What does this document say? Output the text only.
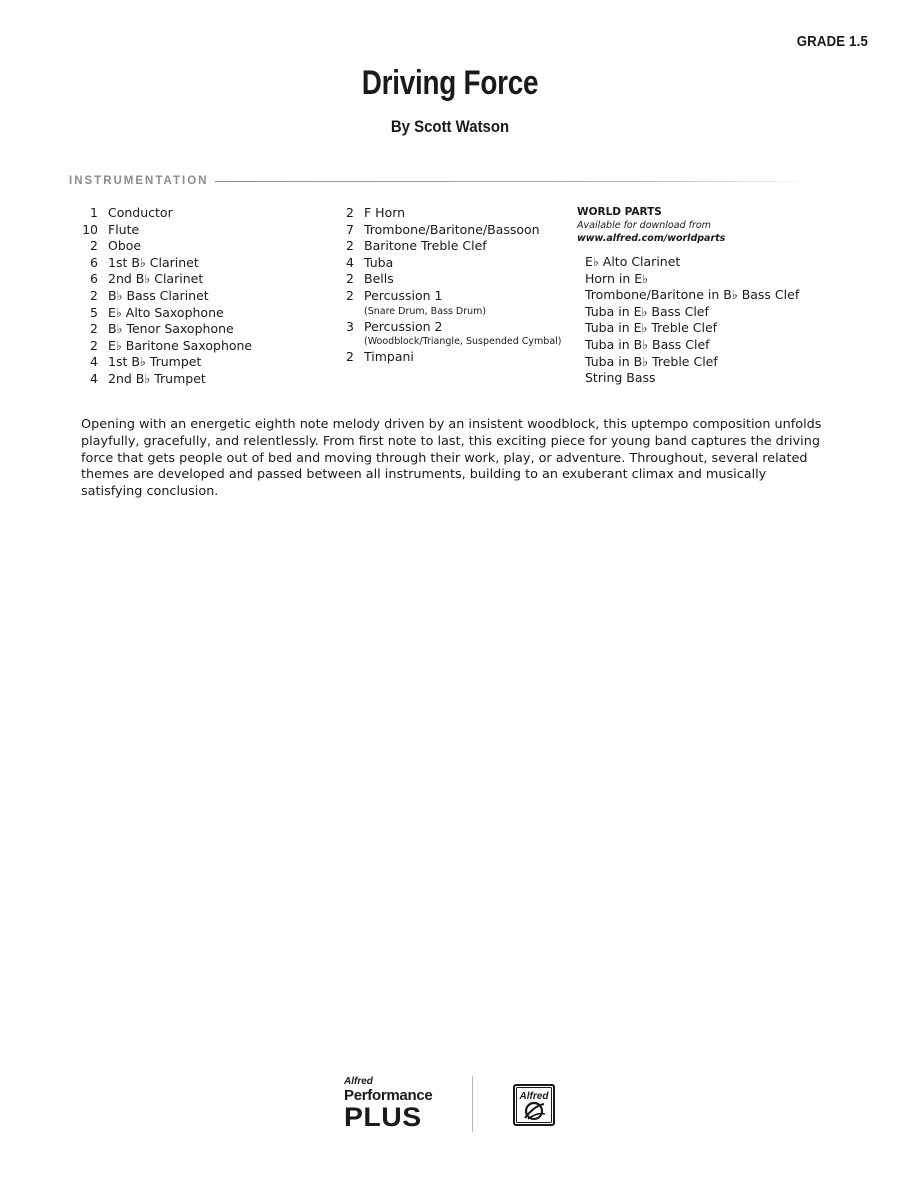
GRADE 1.5
Driving Force
By Scott Watson
INSTRUMENTATION
1 Conductor
10 Flute
2 Oboe
6 1st B♭ Clarinet
6 2nd B♭ Clarinet
2 B♭ Bass Clarinet
5 E♭ Alto Saxophone
2 B♭ Tenor Saxophone
2 E♭ Baritone Saxophone
4 1st B♭ Trumpet
4 2nd B♭ Trumpet
2 F Horn
7 Trombone/Baritone/Bassoon
2 Baritone Treble Clef
4 Tuba
2 Bells
2 Percussion 1
(Snare Drum, Bass Drum)
3 Percussion 2
(Woodblock/Triangle, Suspended Cymbal)
2 Timpani
WORLD PARTS
Available for download from
www.alfred.com/worldparts
E♭ Alto Clarinet
Horn in E♭
Trombone/Baritone in B♭ Bass Clef
Tuba in E♭ Bass Clef
Tuba in E♭ Treble Clef
Tuba in B♭ Bass Clef
Tuba in B♭ Treble Clef
String Bass
Opening with an energetic eighth note melody driven by an insistent woodblock, this uptempo composition unfolds playfully, gracefully, and relentlessly. From first note to last, this exciting piece for young band captures the driving force that gets people out of bed and moving through their work, play, or adventure. Throughout, several related themes are developed and passed between all instruments, building to an exuberant climax and musically satisfying conclusion.
Alfred
Performance
PLUS
Alfred
